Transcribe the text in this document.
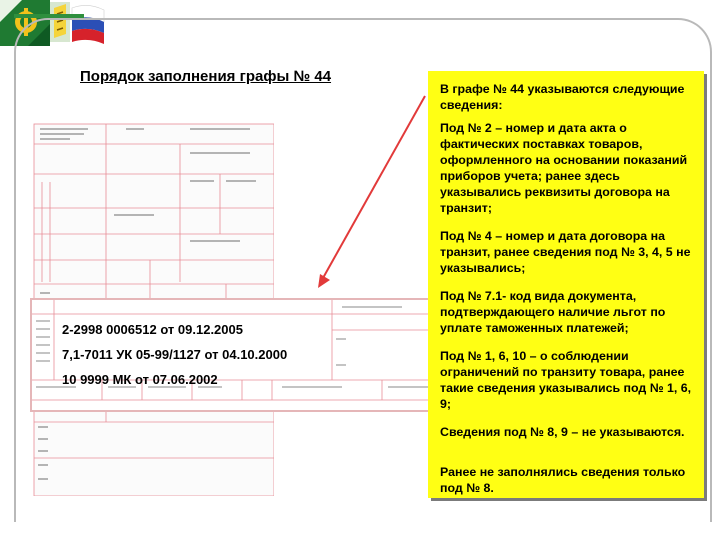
Порядок заполнения графы № 44
2-2998 0006512 от 09.12.2005
7,1-7011 УК 05-99/1127 от 04.10.2000
10 9999 МК от 07.06.2002

В графе № 44 указываются следующие сведения:

Под № 2 – номер и дата акта о фактических поставках товаров, оформленного на основании показаний приборов учета; ранее здесь указывались реквизиты договора на транзит;

Под № 4 – номер и дата договора на транзит, ранее сведения под № 3, 4, 5 не указывались;

Под № 7.1- код вида документа, подтверждающего наличие льгот по уплате таможенных платежей;

Под № 1, 6, 10 – о соблюдении ограничений по транзиту товара, ранее такие сведения указывались под № 1, 6, 9;

Сведения под № 8, 9 – не указываются.

Ранее не заполнялись сведения только под № 8.
